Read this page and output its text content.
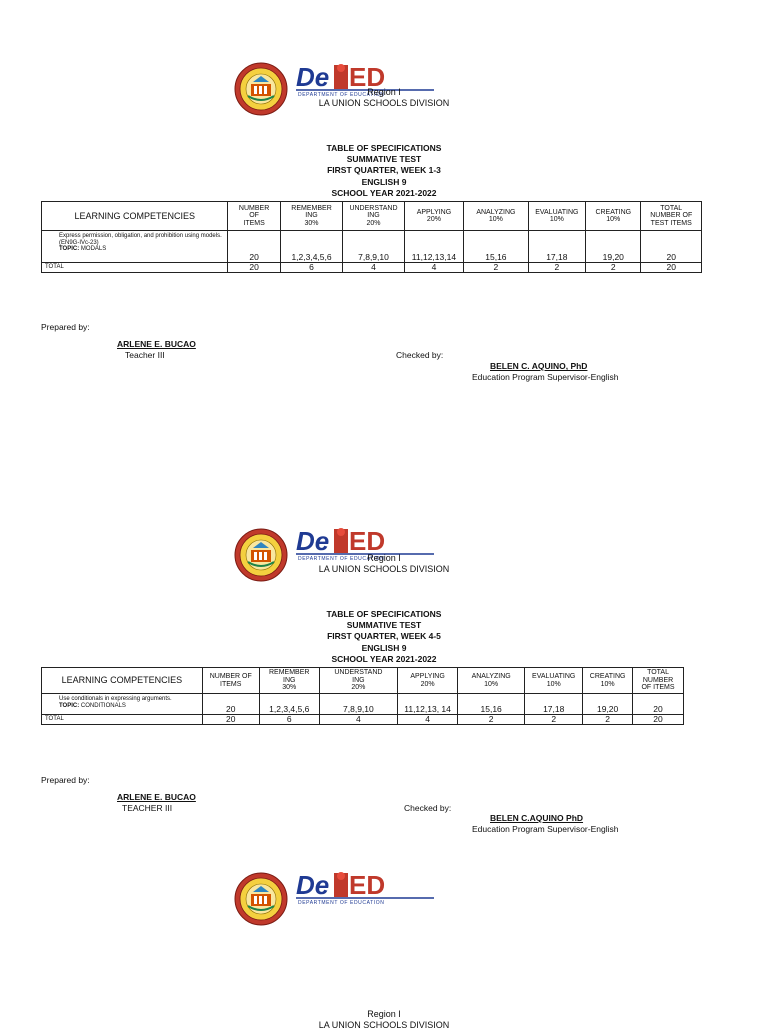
Region I
LA UNION SCHOOLS DIVISION
TABLE OF SPECIFICATIONS
SUMMATIVE TEST
FIRST QUARTER, WEEK 1-3
ENGLISH 9
SCHOOL YEAR 2021-2022
LEARNING COMPETENCIES	NUMBER
OF
ITEMS	REMEMBER
ING
30%	UNDERSTAND
ING
20%	APPLYING
20%	ANALYZING
10%	EVALUATING
10%	CREATING
10%	TOTAL
NUMBER OF
TEST ITEMS
Express permission, obligation, and prohibition using models. (EN9G-IVc-23)
TOPIC: MODALS	20	1,2,3,4,5,6	7,8,9,10	11,12,13,14	15,16	17,18	19,20	20
TOTAL	20	6	4	4	2	2	2	20
Prepared by:
ARLENE E. BUCAO
Teacher III	Checked by:
BELEN C. AQUINO, PhD
Education Program Supervisor-English
Region I
LA UNION SCHOOLS DIVISION
TABLE OF SPECIFICATIONS
SUMMATIVE TEST
FIRST QUARTER, WEEK 4-5
ENGLISH 9
SCHOOL YEAR 2021-2022
LEARNING COMPETENCIES	NUMBER OF
ITEMS	REMEMBER
ING
30%	UNDERSTAND
ING
20%	APPLYING
20%	ANALYZING
10%	EVALUATING
10%	CREATING
10%	TOTAL
NUMBER
OF ITEMS
Use conditionals in expressing arguments.
TOPIC: CONDITIONALS	20	1,2,3,4,5,6	7,8,9,10	11,12,13, 14	15,16	17,18	19,20	20
TOTAL	20	6	4	4	2	2	2	20
Prepared by:
ARLENE E. BUCAO
TEACHER III	Checked by:
BELEN C.AQUINO PhD
Education Program Supervisor-English
Region I
LA UNION SCHOOLS DIVISION
